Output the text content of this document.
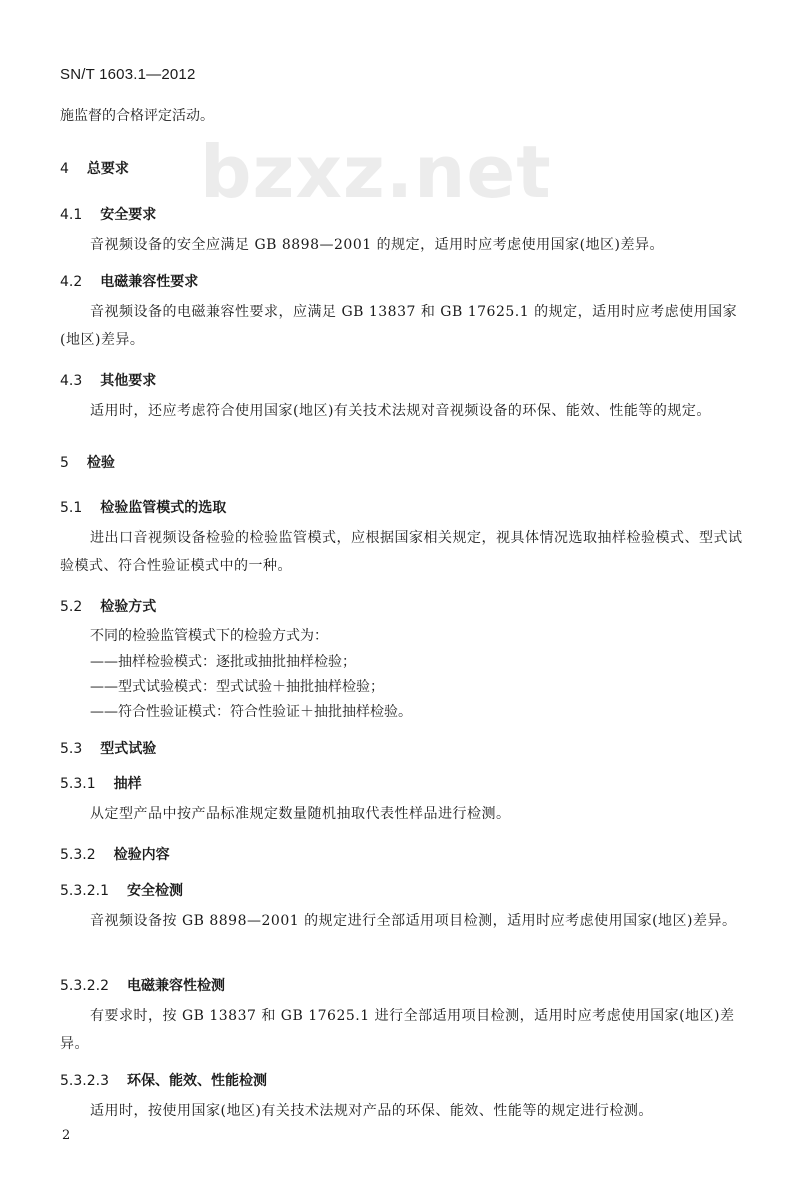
SN/T 1603.1—2012
bzxz.net
施监督的合格评定活动。
4 总要求
4.1 安全要求
音视频设备的安全应满足 GB 8898—2001 的规定，适用时应考虑使用国家(地区)差异。
4.2 电磁兼容性要求
音视频设备的电磁兼容性要求，应满足 GB 13837 和 GB 17625.1 的规定，适用时应考虑使用国家(地区)差异。
4.3 其他要求
适用时，还应考虑符合使用国家(地区)有关技术法规对音视频设备的环保、能效、性能等的规定。
5 检验
5.1 检验监管模式的选取
进出口音视频设备检验的检验监管模式，应根据国家相关规定，视具体情况选取抽样检验模式、型式试验模式、符合性验证模式中的一种。
5.2 检验方式
不同的检验监管模式下的检验方式为：
——抽样检验模式：逐批或抽批抽样检验；
——型式试验模式：型式试验＋抽批抽样检验；
——符合性验证模式：符合性验证＋抽批抽样检验。
5.3 型式试验
5.3.1 抽样
从定型产品中按产品标准规定数量随机抽取代表性样品进行检测。
5.3.2 检验内容
5.3.2.1 安全检测
音视频设备按 GB 8898—2001 的规定进行全部适用项目检测，适用时应考虑使用国家(地区)差异。
5.3.2.2 电磁兼容性检测
有要求时，按 GB 13837 和 GB 17625.1 进行全部适用项目检测，适用时应考虑使用国家(地区)差异。
5.3.2.3 环保、能效、性能检测
适用时，按使用国家(地区)有关技术法规对产品的环保、能效、性能等的规定进行检测。
2
